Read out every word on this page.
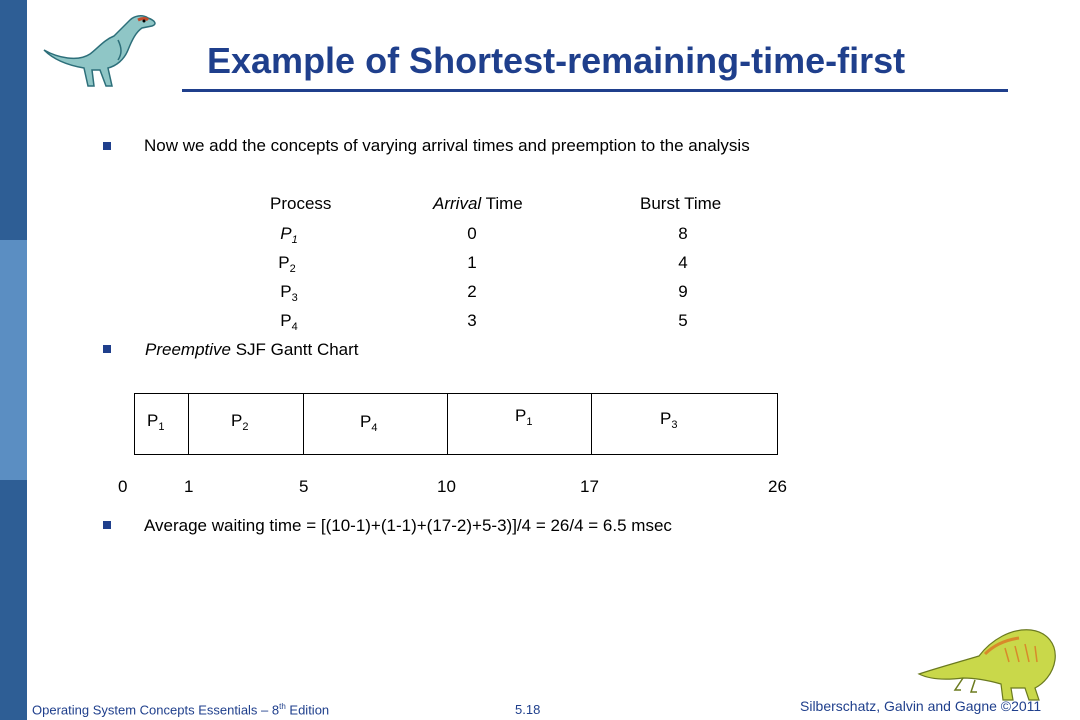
Example of Shortest-remaining-time-first
Now we add the concepts of varying arrival times and preemption to the analysis
Process	Arrival Time	Burst Time
$P_1$	0	8
$P_2$	1	4
$P_3$	2	9
$P_4$	3	5
Preemptive SJF Gantt Chart
$P_1$	$P_2$	$P_4$
$P_1$	$P_3$
0	1	5	10	17	26
Average waiting time = [(10-1)+(1-1)+(17-2)+5-3)]/4 = 26/4 = 6.5 msec
Operating System Concepts Essentials – 8th Edition	5.18	Silberschatz, Galvin and Gagne ©2011
